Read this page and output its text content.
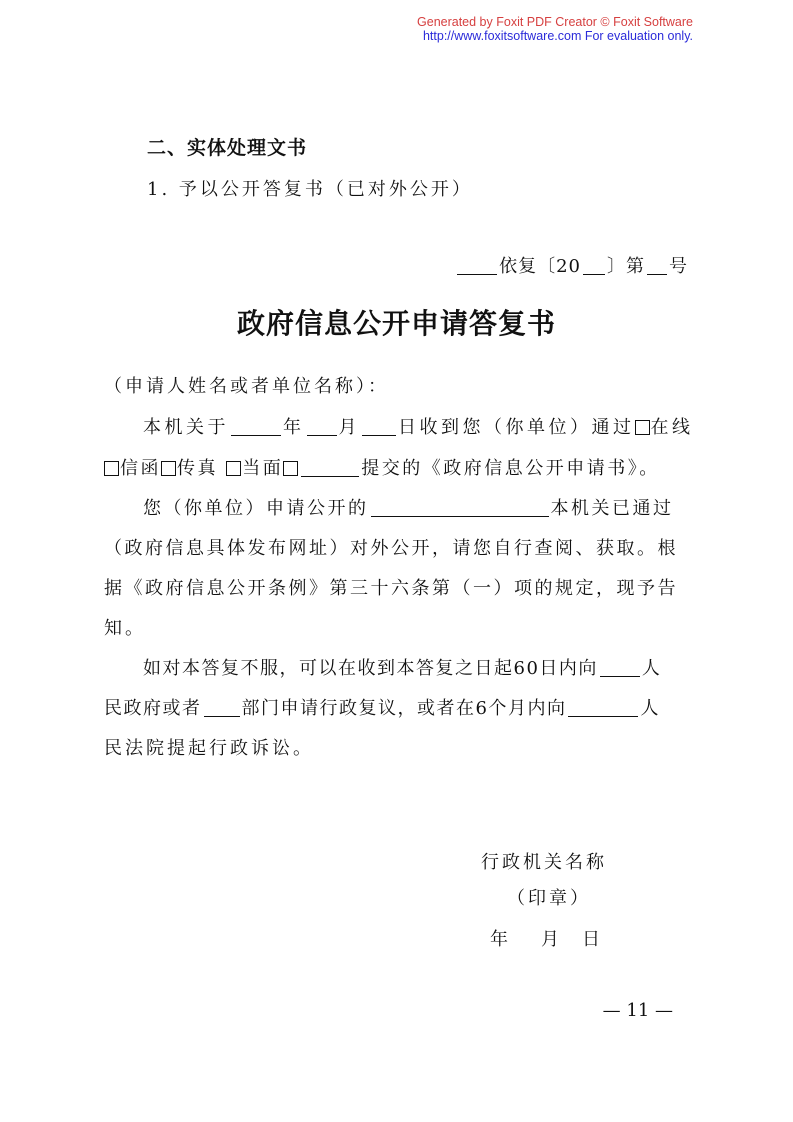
Generated by Foxit PDF Creator © Foxit Software
http://www.foxitsoftware.com For evaluation only.
二、实体处理文书
1. 予以公开答复书（已对外公开）
依复〔20 〕第 号
政府信息公开申请答复书
（申请人姓名或者单位名称）：
本机关于	年 月 日收到您（你单位）通过 在线
信函 传真 当面	提交的《政府信息公开申请书》。
您（你单位）申请公开的	本机关已通过
（政府信息具体发布网址）对外公开，请您自行查阅、获取。根
据《政府信息公开条例》第三十六条第（一）项的规定，现予告
知。
如对本答复不服，可以在收到本答复之日起60日内向 人
民政府或者 部门申请行政复议，或者在6个月内向	人
民法院提起行政诉讼。
行政机关名称
（印章）
年 月 日
— 11 —
